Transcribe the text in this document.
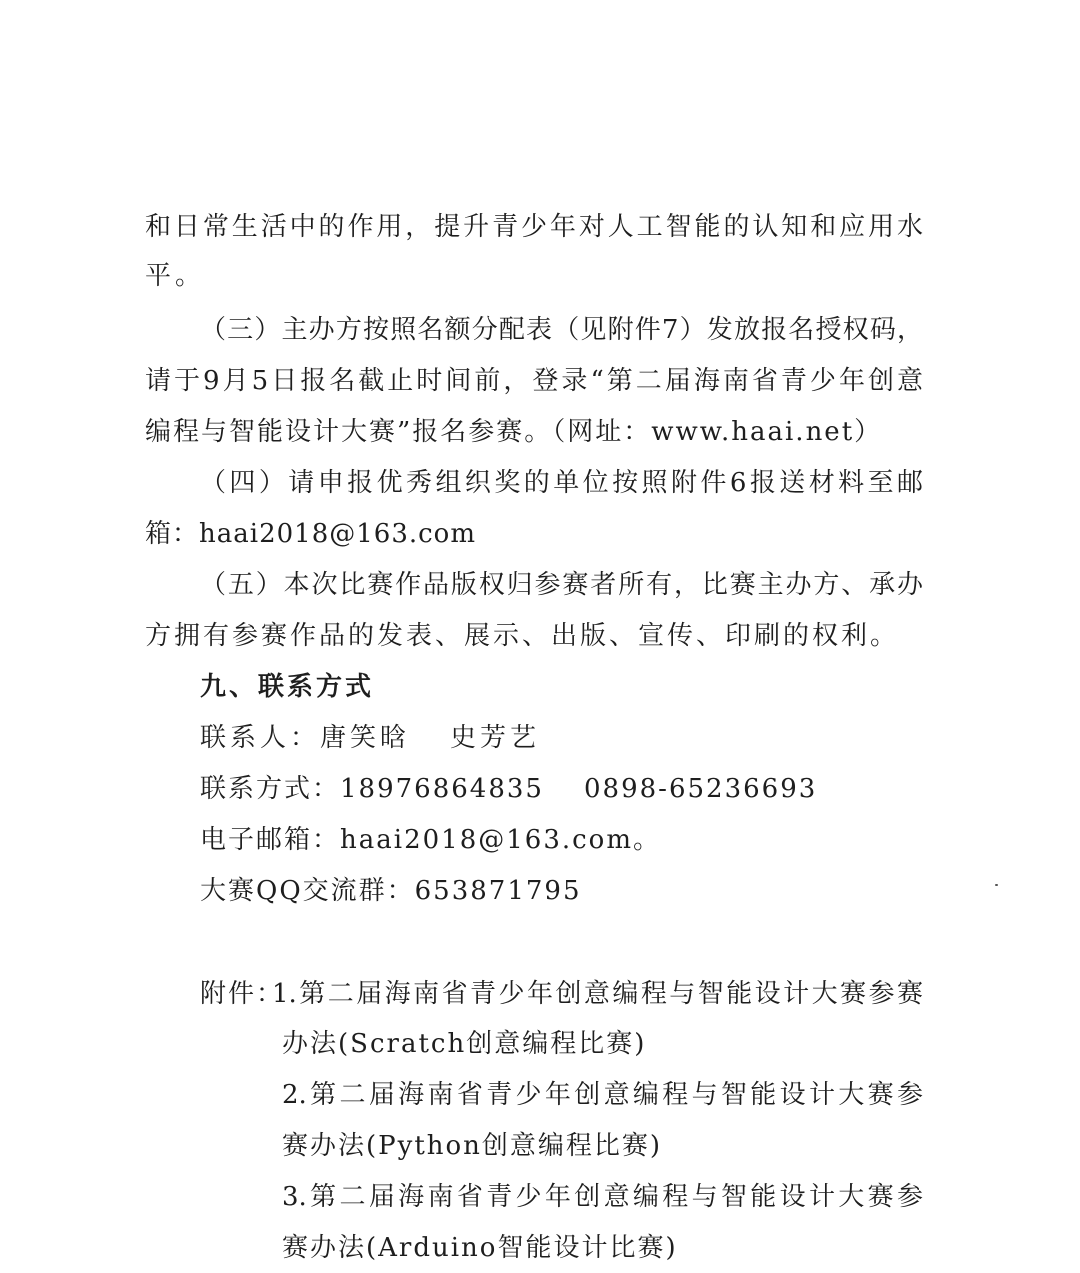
和日常生活中的作用，提升青少年对人工智能的认知和应用水
平。
（三）主办方按照名额分配表（见附件7）发放报名授权码，
请于9月5日报名截止时间前，登录“第二届海南省青少年创意
编程与智能设计大赛”报名参赛。（网址：www.haai.net）
（四）请申报优秀组织奖的单位按照附件6报送材料至邮
箱：haai2018@163.com
（五）本次比赛作品版权归参赛者所有，比赛主办方、承办
方拥有参赛作品的发表、展示、出版、宣传、印刷的权利。
九、联系方式
联系人：唐笑晗 史芳艺
联系方式：18976864835 0898-65236693
电子邮箱：haai2018@163.com。
大赛QQ交流群：653871795
附件：
1.第二届海南省青少年创意编程与智能设计大赛参赛
办法(Scratch创意编程比赛)
2.第二届海南省青少年创意编程与智能设计大赛参
赛办法(Python创意编程比赛)
3.第二届海南省青少年创意编程与智能设计大赛参
赛办法(Arduino智能设计比赛)
